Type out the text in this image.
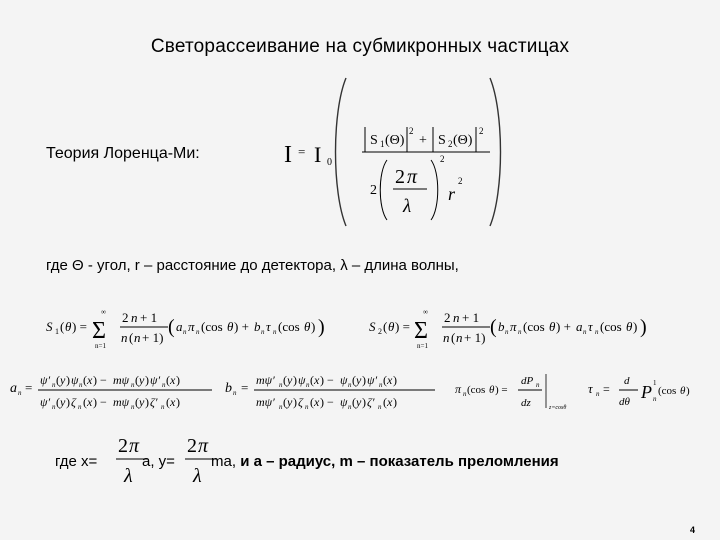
Светорассеивание на субмикронных частицах
Теория Лоренца-Ми:	I = I 0
S 1 (Θ)
2
+ S 2 (Θ)
2
2
2 π
λ
2
r
2
где Θ - угол, r – расстояние до детектора, λ – длина волны,
S 1 ( θ ) =
∞
Σ
n=1
2 n + 1
n ( n + 1) ( a n π n (cos θ ) + b n τ n (cos θ ) )	S 2 ( θ ) =
∞
Σ
n=1
2 n + 1
n ( n + 1) ( b n π n (cos θ ) + a n τ n (cos θ ) )
a n = ψ′ n ( y ) ψ n ( x ) − mψ n ( y ) ψ′ n ( x )
ψ′ n ( y ) ζ n ( x ) − mψ n ( y ) ζ′ n ( x )
b n = mψ′ n ( y ) ψ n ( x ) − ψ n ( y ) ψ′ n ( x )
mψ′ n ( y ) ζ n ( x ) − ψ n ( y ) ζ′ n ( x )
π n (cos θ ) =
dP n
dz	z=cosθ
τ n =
d
dθ P 1
n
(cos θ )
где x=
2 π
λ
a, y=
2 π
λ
ma, и a – радиус, m – показатель преломления
4
